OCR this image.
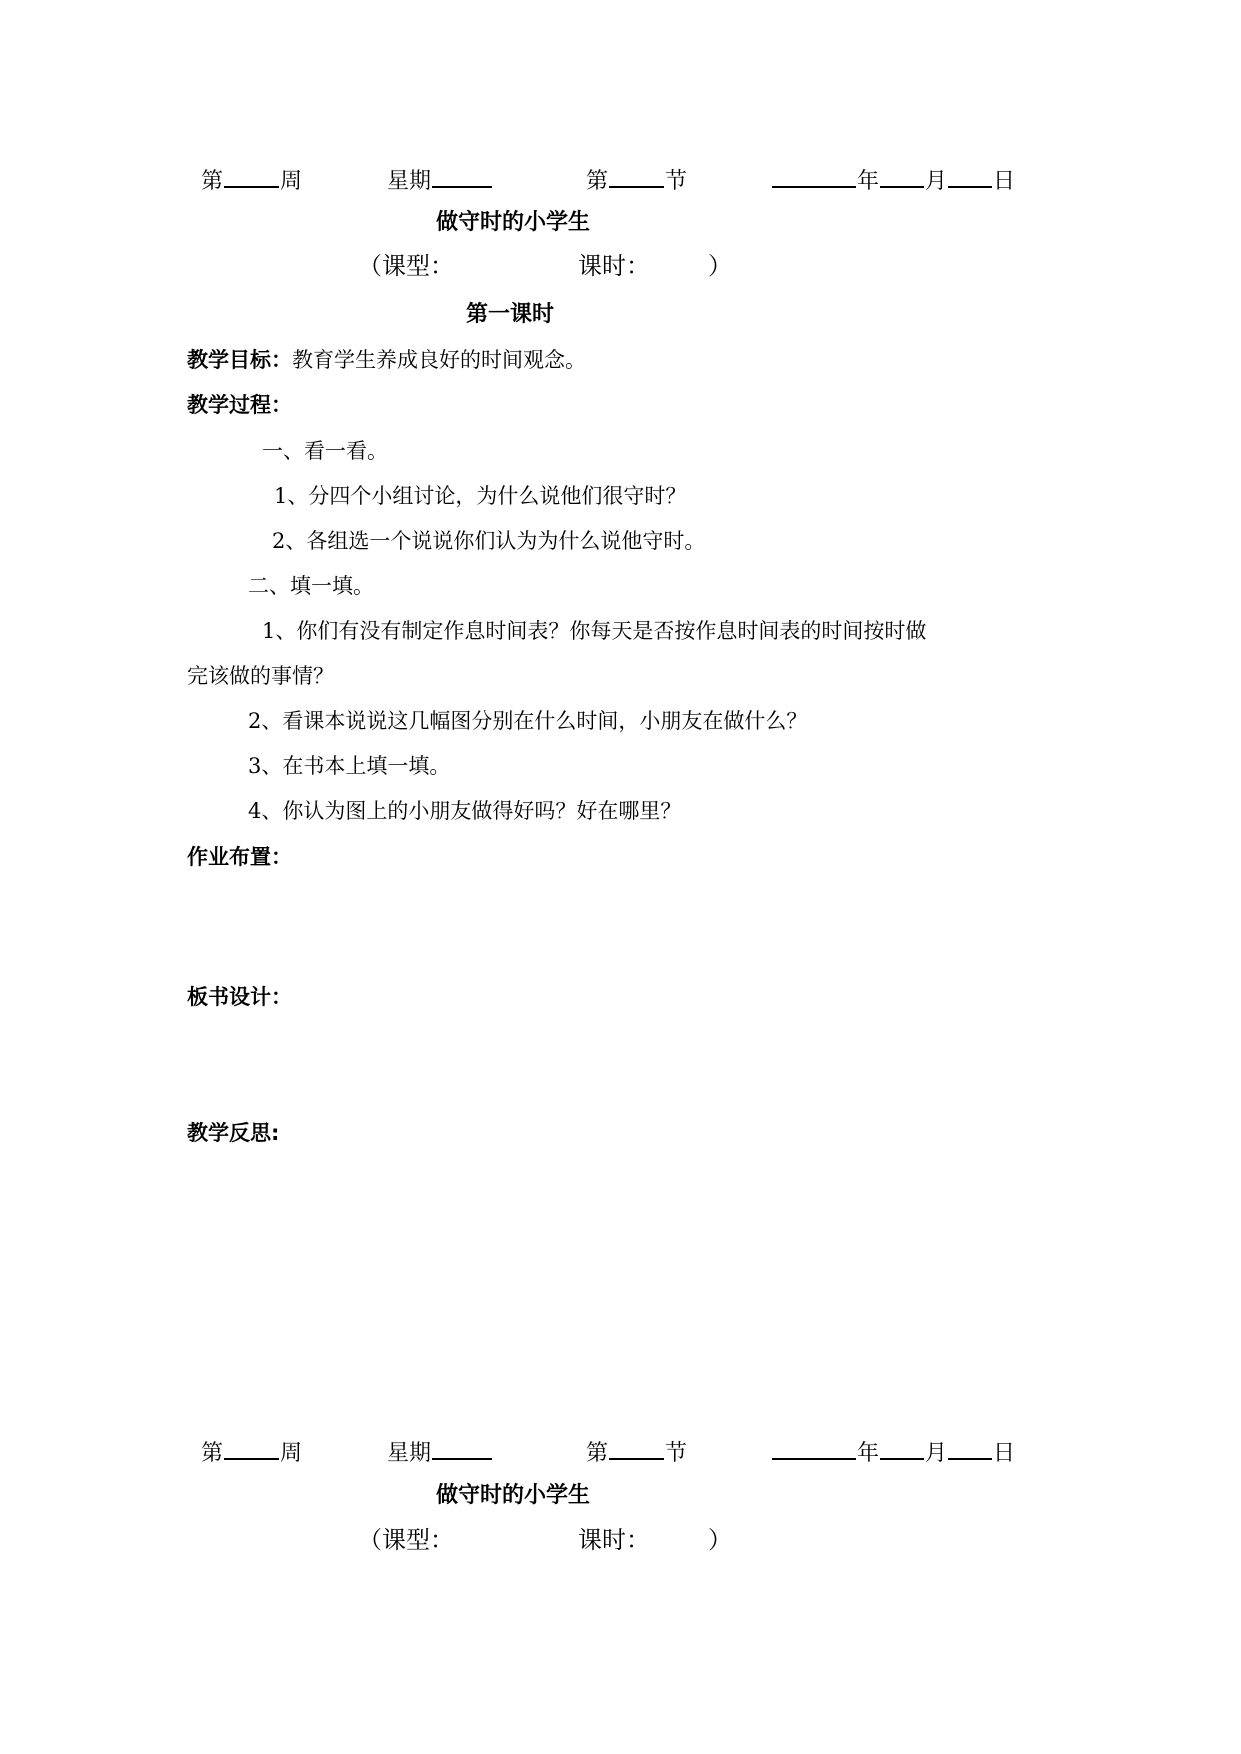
第	周	星期	第	节	年 月 日
做守时的小学生
（课型：	课时： ）
第一课时
教学目标：教育学生养成良好的时间观念。
教学过程：
一、看一看。
1、分四个小组讨论，为什么说他们很守时？
2、各组选一个说说你们认为为什么说他守时。
二、填一填。
1、你们有没有制定作息时间表？你每天是否按作息时间表的时间按时做
完该做的事情？
2、看课本说说这几幅图分别在什么时间，小朋友在做什么？
3、在书本上填一填。
4、你认为图上的小朋友做得好吗？好在哪里？
作业布置：
板书设计：
教学反思:
第	周	星期	第	节	年 月 日
做守时的小学生
（课型：	课时： ）
